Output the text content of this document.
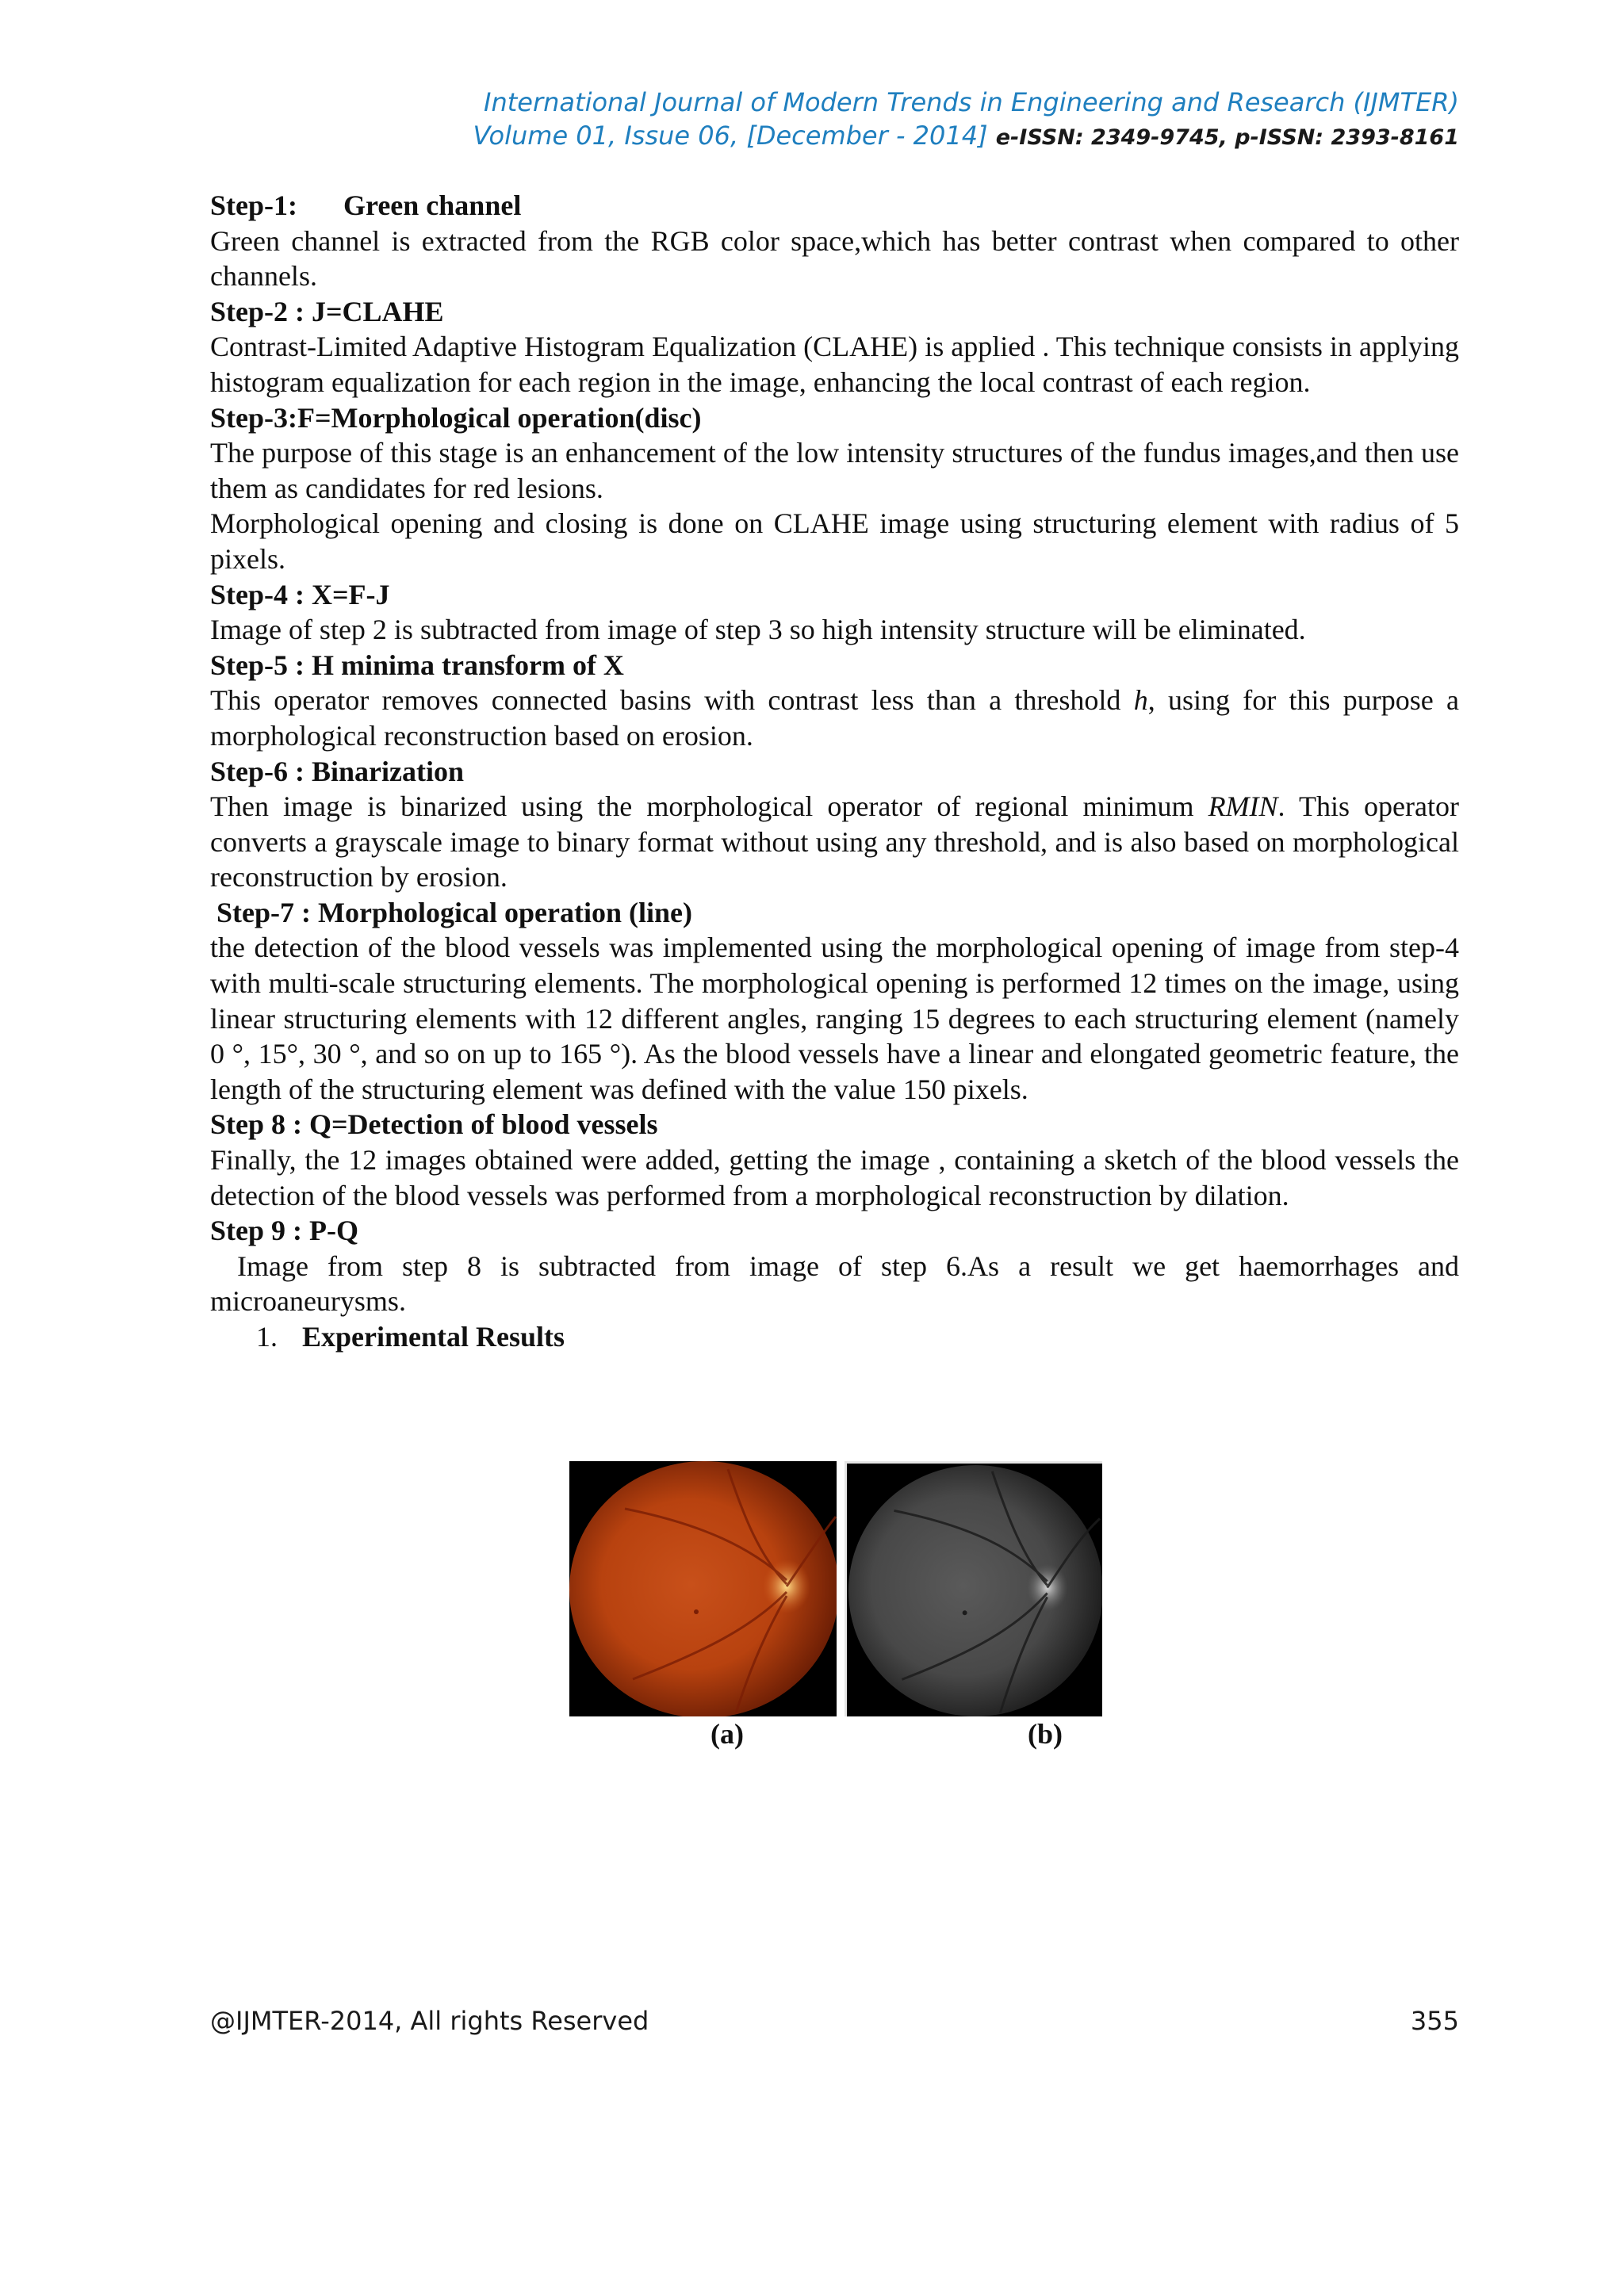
International Journal of Modern Trends in Engineering and Research (IJMTER)
Volume 01, Issue 06, [December - 2014] e-ISSN: 2349-9745, p-ISSN: 2393-8161
Step-1: Green channel

Green channel is extracted from the RGB color space,which has better contrast when compared to other channels.

Step-2 : J=CLAHE

Contrast-Limited Adaptive Histogram Equalization (CLAHE) is applied . This technique consists in applying histogram equalization for each region in the image, enhancing the local contrast of each region.

Step-3:F=Morphological operation(disc)

The purpose of this stage is an enhancement of the low intensity structures of the fundus images,and then use them as candidates for red lesions.

Morphological opening and closing is done on CLAHE image using structuring element with radius of 5 pixels.

Step-4 : X=F-J

Image of step 2 is subtracted from image of step 3 so high intensity structure will be eliminated.

Step-5 : H minima transform of X

This operator removes connected basins with contrast less than a threshold h, using for this purpose a morphological reconstruction based on erosion.

Step-6 : Binarization

Then image is binarized using the morphological operator of regional minimum RMIN. This operator converts a grayscale image to binary format without using any threshold, and is also based on morphological reconstruction by erosion.

Step-7 : Morphological operation (line)

the detection of the blood vessels was implemented using the morphological opening of image from step-4 with multi-scale structuring elements. The morphological opening is performed 12 times on the image, using linear structuring elements with 12 different angles, ranging 15 degrees to each structuring element (namely 0 °, 15°, 30 °, and so on up to 165 °). As the blood vessels have a linear and elongated geometric feature, the length of the structuring element was defined with the value 150 pixels.

Step 8 : Q=Detection of blood vessels

Finally, the 12 images obtained were added, getting the image , containing a sketch of the blood vessels the detection of the blood vessels was performed from a morphological reconstruction by dilation.

Step 9 : P-Q

Image from step 8 is subtracted from image of step 6.As a result we get haemorrhages and microaneurysms.

1. Experimental Results
(a)	(b)
@IJMTER-2014, All rights Reserved	355
